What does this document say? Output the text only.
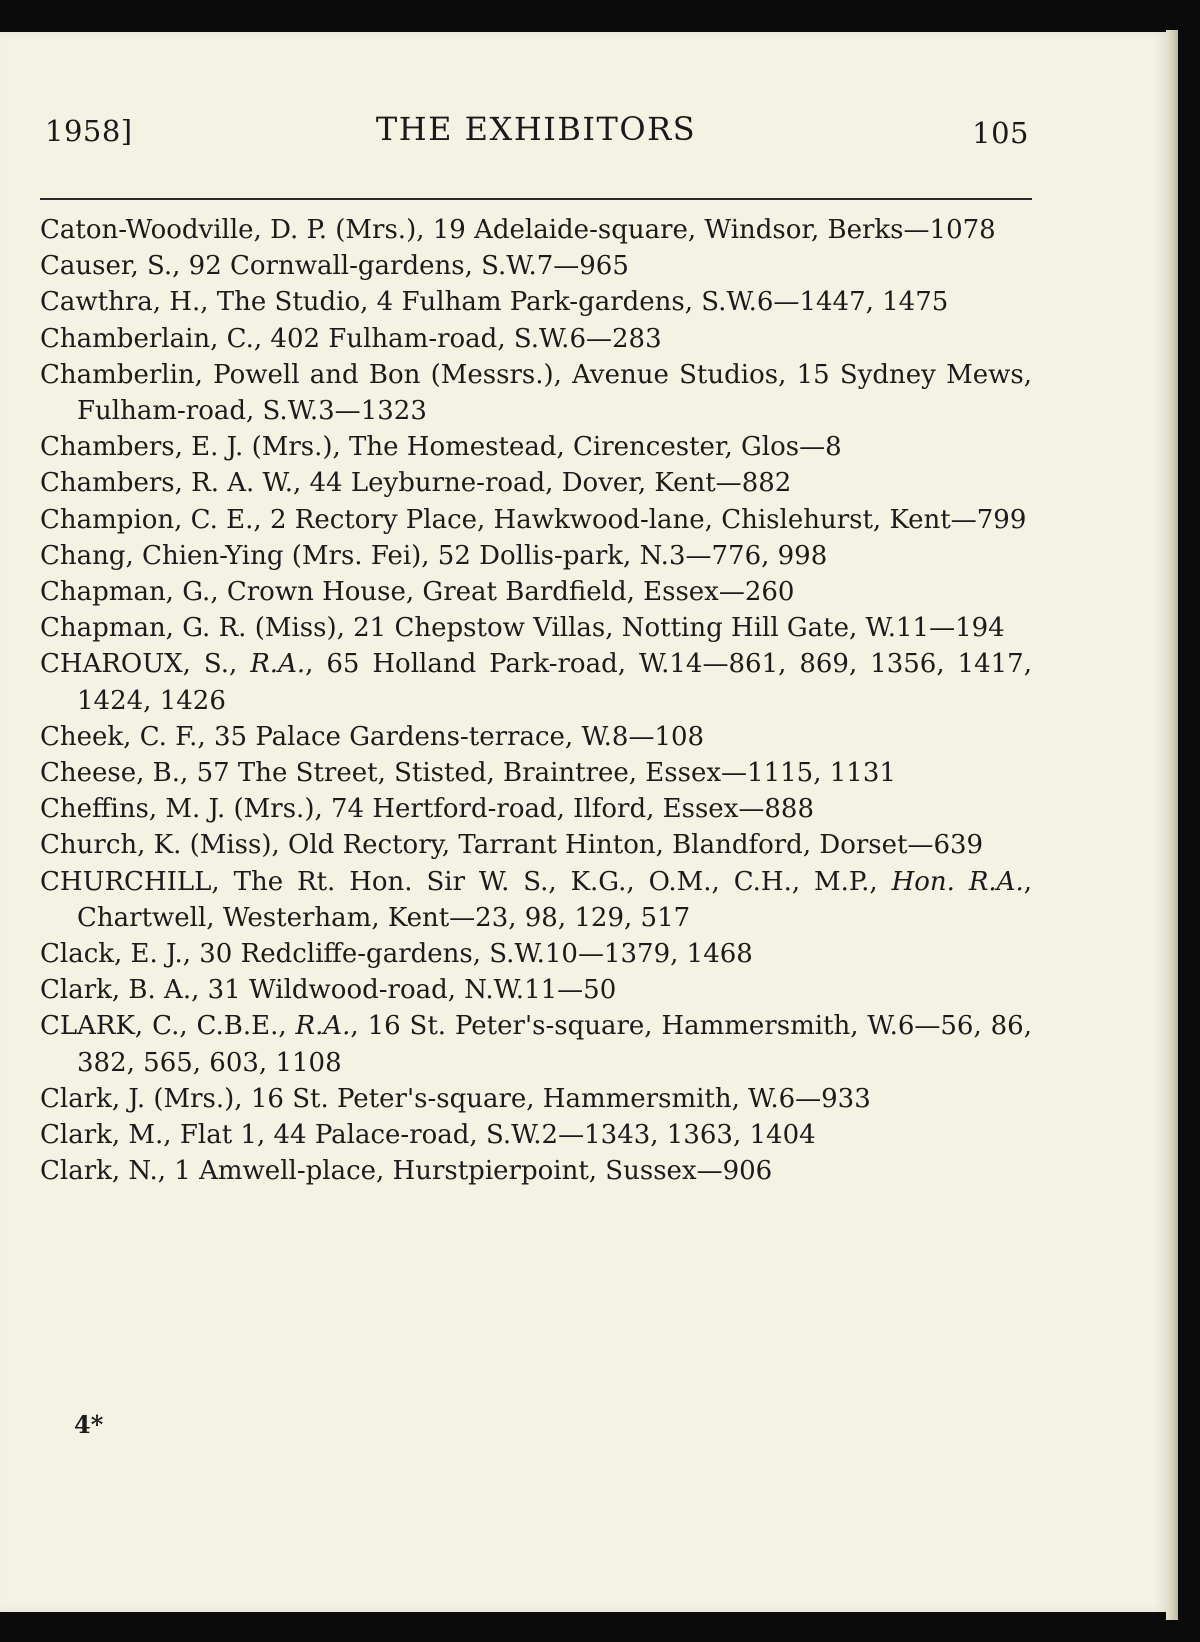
1958]	THE EXHIBITORS	105
Caton-Woodville, D. P. (Mrs.), 19 Adelaide-square, Windsor, Berks—1078
Causer, S., 92 Cornwall-gardens, S.W.7—965
Cawthra, H., The Studio, 4 Fulham Park-gardens, S.W.6—1447, 1475
Chamberlain, C., 402 Fulham-road, S.W.6—283
Chamberlin, Powell and Bon (Messrs.), Avenue Studios, 15 Sydney Mews, Fulham-road, S.W.3—1323
Chambers, E. J. (Mrs.), The Homestead, Cirencester, Glos—8
Chambers, R. A. W., 44 Leyburne-road, Dover, Kent—882
Champion, C. E., 2 Rectory Place, Hawkwood-lane, Chislehurst, Kent—799
Chang, Chien-Ying (Mrs. Fei), 52 Dollis-park, N.3—776, 998
Chapman, G., Crown House, Great Bardfield, Essex—260
Chapman, G. R. (Miss), 21 Chepstow Villas, Notting Hill Gate, W.11—194
CHAROUX, S., R.A., 65 Holland Park-road, W.14—861, 869, 1356, 1417, 1424, 1426
Cheek, C. F., 35 Palace Gardens-terrace, W.8—108
Cheese, B., 57 The Street, Stisted, Braintree, Essex—1115, 1131
Cheffins, M. J. (Mrs.), 74 Hertford-road, Ilford, Essex—888
Church, K. (Miss), Old Rectory, Tarrant Hinton, Blandford, Dorset—639
CHURCHILL, The Rt. Hon. Sir W. S., K.G., O.M., C.H., M.P., Hon. R.A., Chartwell, Westerham, Kent—23, 98, 129, 517
Clack, E. J., 30 Redcliffe-gardens, S.W.10—1379, 1468
Clark, B. A., 31 Wildwood-road, N.W.11—50
CLARK, C., C.B.E., R.A., 16 St. Peter's-square, Hammersmith, W.6—56, 86, 382, 565, 603, 1108
Clark, J. (Mrs.), 16 St. Peter's-square, Hammersmith, W.6—933
Clark, M., Flat 1, 44 Palace-road, S.W.2—1343, 1363, 1404
Clark, N., 1 Amwell-place, Hurstpierpoint, Sussex—906
4*
